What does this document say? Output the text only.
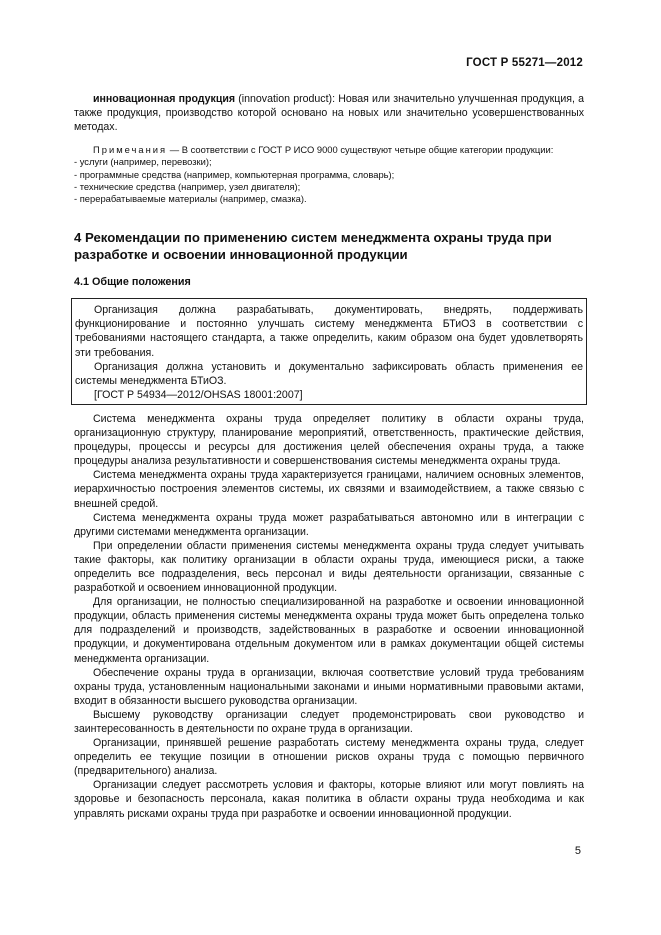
ГОСТ Р 55271—2012

инновационная продукция (innovation product): Новая или значительно улучшенная продукция, а также продукция, производство которой основано на новых или значительно усовершенствованных методах.

Примечания — В соответствии с ГОСТ Р ИСО 9000 существуют четыре общие категории продукции:

- услуги (например, перевозки);
- программные средства (например, компьютерная программа, словарь);
- технические средства (например, узел двигателя);
- перерабатываемые материалы (например, смазка).
4 Рекомендации по применению систем менеджмента охраны труда при разработке и освоении инновационной продукции
4.1 Общие положения

Организация должна разрабатывать, документировать, внедрять, поддерживать функционирование и постоянно улучшать систему менеджмента БТиОЗ в соответствии с требованиями настоящего стандарта, а также определить, каким образом она будет удовлетворять эти требования.

Организация должна установить и документально зафиксировать область применения ее системы менеджмента БТиОЗ.

[ГОСТ Р 54934—2012/OHSAS 18001:2007]

Система менеджмента охраны труда определяет политику в области охраны труда, организационную структуру, планирование мероприятий, ответственность, практические действия, процедуры, процессы и ресурсы для достижения целей обеспечения охраны труда, а также процедуры анализа результативности и совершенствования системы менеджмента охраны труда.

Система менеджмента охраны труда характеризуется границами, наличием основных элементов, иерархичностью построения элементов системы, их связями и взаимодействием, а также связью с внешней средой.

Система менеджмента охраны труда может разрабатываться автономно или в интеграции с другими системами менеджмента организации.

При определении области применения системы менеджмента охраны труда следует учитывать такие факторы, как политику организации в области охраны труда, имеющиеся риски, а также определить все подразделения, весь персонал и виды деятельности организации, связанные с разработкой и освоением инновационной продукции.

Для организации, не полностью специализированной на разработке и освоении инновационной продукции, область применения системы менеджмента охраны труда может быть определена только для подразделений и производств, задействованных в разработке и освоении инновационной продукции, и документирована отдельным документом или в рамках документации общей системы менеджмента организации.

Обеспечение охраны труда в организации, включая соответствие условий труда требованиям охраны труда, установленным национальными законами и иными нормативными правовыми актами, входит в обязанности высшего руководства организации.

Высшему руководству организации следует продемонстрировать свои руководство и заинтересованность в деятельности по охране труда в организации.

Организации, принявшей решение разработать систему менеджмента охраны труда, следует определить ее текущие позиции в отношении рисков охраны труда с помощью первичного (предварительного) анализа.

Организации следует рассмотреть условия и факторы, которые влияют или могут повлиять на здоровье и безопасность персонала, какая политика в области охраны труда необходима и как управлять рисками охраны труда при разработке и освоении инновационной продукции.

5
